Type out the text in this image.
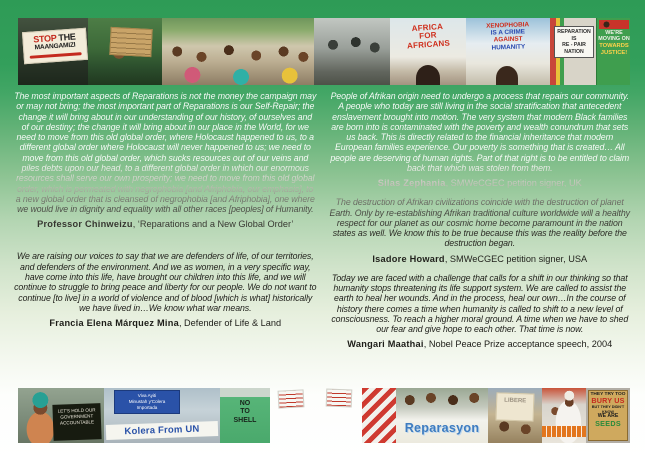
STOP THE
MAANGAMIZI
AFRICA
FOR
AFRICANS
XENOPHOBIA
IS A CRIME
AGAINST
HUMANITY
REPARATION
IS
RE - PAIR
NATION
WE'RE
MOVING ON
TOWARDS
JUSTICE!

The most important aspects of Reparations is not the money the campaign may or may not bring; the most important part of Reparations is our Self-Repair; the change it will bring about in our understanding of our history, of ourselves and of our destiny; the change it will bring about in our place in the World, for we need to move from this old global order, where Holocaust happened to us, to a different global order where Holocaust will never happened to us; we need to move from this old global order, which sucks resources out of our veins and piles debts upon our head, to a different global order in which our enormous resources shall serve our own prosperity; we need to move from this old global order, which is permeated with negrophobia [and Afriphobia, our emphasis], to a new global order that is cleansed of negrophobia [and Afriphobia], one where we would live in dignity and equality with all other races [peoples] of Humanity.

Professor Chinweizu, ‘Reparations and a New Global Order’

We are raising our voices to say that we are defenders of life, of our territories, and defenders of the environment. And we as women, in a very specific way, have come into this life, have brought our children into this life, and we will continue to struggle to bring peace and liberty for our people. We do not want to continue [to live] in a world of violence and of blood [which is what] historically we have lived in…We know what war means.

Francia Elena Márquez Mina, Defender of Life & Land

People of Afrikan origin need to undergo a process that repairs our community. A people who today are still living in the social stratification that antecedent enslavement brought into motion. The very system that modern Black families are born into is contaminated with the poverty and wealth conundrum that sets us back. This is directly related to the financial inheritance that modern European families experience. Our poverty is something that is created… All people are deserving of human rights. Part of that right is to be entitled to claim back that which was stolen from them.

Silas Zephania, SMWeCGEC petition signer, UK

The destruction of Afrikan civilizations coincide with the destruction of planet Earth. Only by re-establishing Afrikan traditional culture worldwide will a healthy respect for our planet as our cosmic home become paramount in the nation states as well. We know this to be true because this was the reality before the destruction began.

Isadore Howard, SMWeCGEC petition signer, USA

Today we are faced with a challenge that calls for a shift in our thinking so that humanity stops threatening its life support system. We are called to assist the earth to heal her wounds. And in the process, heal our own…In the course of history there comes a time when humanity is called to shift to a new level of consciousness. To reach a higher moral ground. A time when we have to shed our fear and give hope to each other. That time is now.

Wangari Maathai, Nobel Peace Prize acceptance speech, 2004

LET'S HOLD OUR
GOVERNMENT
ACCOUNTABLE
Viva Ayiti
Minustah y'Colera
Importada
Kolera From UN
NO
TO
SHELL
Reparasyon
LIBERE
THEY TRY TOO
BURY US
BUT THEY DIDN'T KNOW
WE ARE
SEEDS
